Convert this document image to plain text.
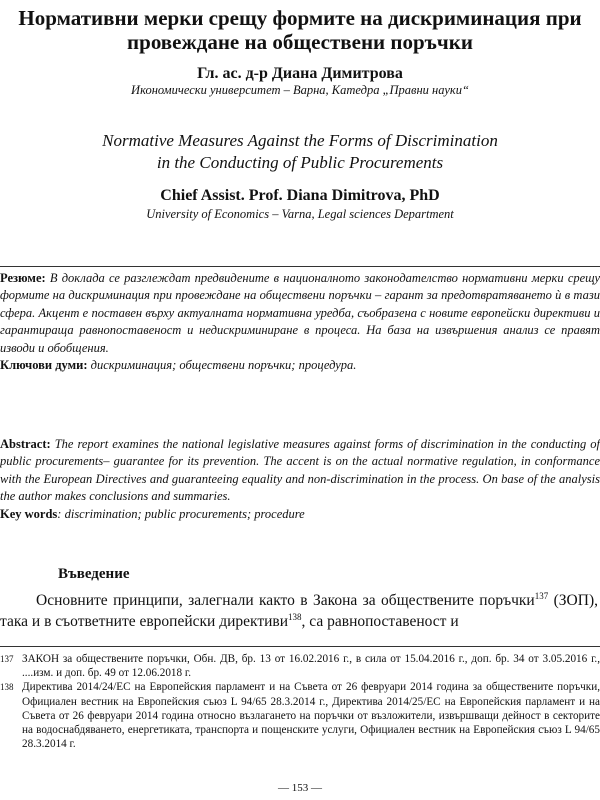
Нормативни мерки срещу формите на дискриминация при провеждане на обществени поръчки
Гл. ас. д-р Диана Димитрова
Икономически университет – Варна, Катедра „Правни науки“
Normative Measures Against the Forms of Discrimination
in the Conducting of Public Procurements
Chief Assist. Prof. Diana Dimitrova, PhD
University of Economics – Varna, Legal sciences Department
Резюме: В доклада се разглеждат предвидените в националното законодателство нормативни мерки срещу формите на дискриминация при провеждане на обществени поръчки – гарант за предотвратяването ѝ в тази сфера. Акцент е поставен върху актуалната нормативна уредба, съобразена с новите европейски директиви и гарантираща равнопоставеност и недискриминиране в процеса. На база на извършения анализ се правят изводи и обобщения.
Ключови думи: дискриминация; обществени поръчки; процедура.
Abstract: The report examines the national legislative measures against forms of discrimination in the conducting of public procurements– guarantee for its prevention. The accent is on the actual normative regulation, in conformance with the European Directives and guaranteeing equality and non-discrimination in the process. On base of the analysis the author makes conclusions and summaries.
Key words: discrimination; public procurements; procedure
Въведение
Основните принципи, залегнали както в Закона за обществените поръчки$^{137}$ (ЗОП), така и в съответните европейски директиви$^{138}$, са равнопоставеност и
137 ЗАКОН за обществените поръчки, Обн. ДВ, бр. 13 от 16.02.2016 г., в сила от 15.04.2016 г., доп. бр. 34 от 3.05.2016 г., ....изм. и доп. бр. 49 от 12.06.2018 г.
138 Директива 2014/24/ЕС на Европейския парламент и на Съвета от 26 февруари 2014 година за обществените поръчки, Официален вестник на Европейския съюз L 94/65 28.3.2014 г., Директива 2014/25/ЕС на Европейския парламент и на Съвета от 26 февруари 2014 година относно възлагането на поръчки от възложители, извършващи дейност в секторите на водоснабдяването, енергетиката, транспорта и пощенските услуги, Официален вестник на Европейския съюз L 94/65 28.3.2014 г.
— 153 —
